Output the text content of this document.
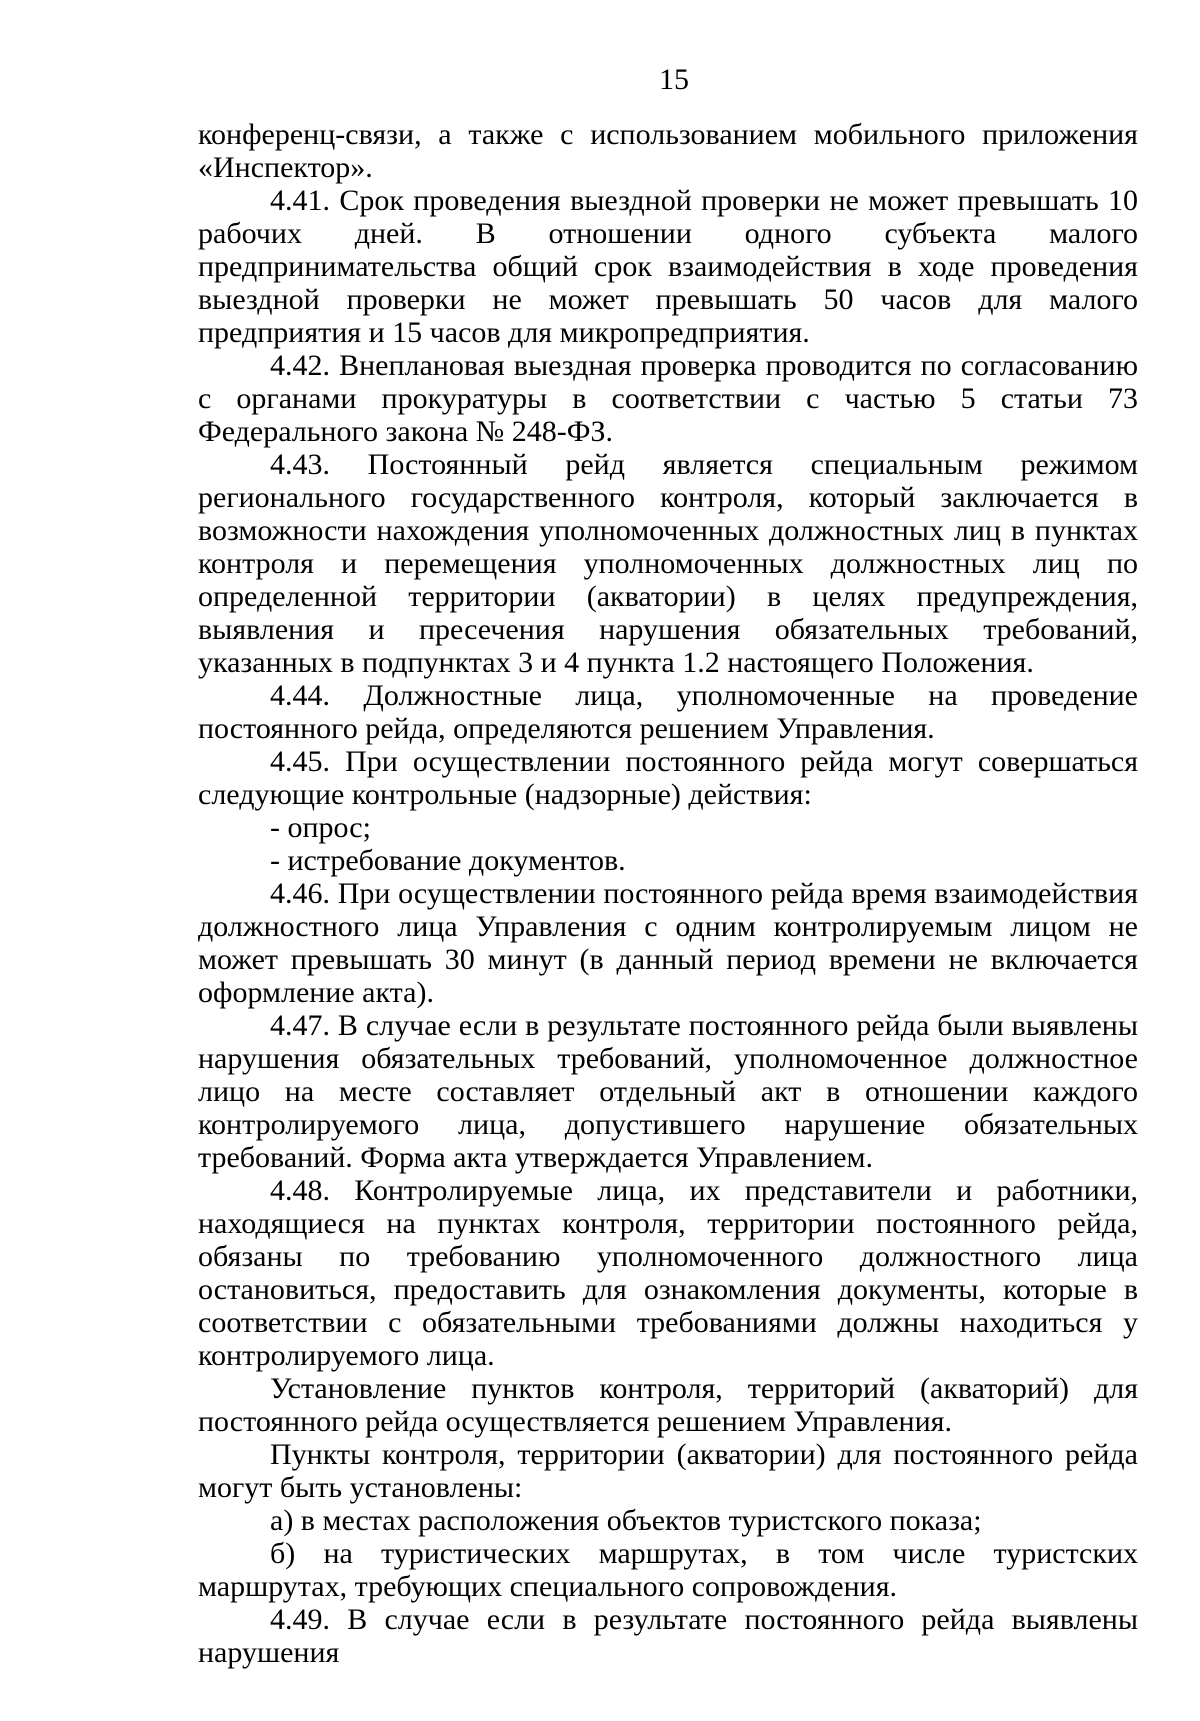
15

конференц-связи, а также с использованием мобильного приложения «Инспектор».

4.41. Срок проведения выездной проверки не может превышать 10 рабочих дней. В отношении одного субъекта малого предпринимательства общий срок взаимодействия в ходе проведения выездной проверки не может превышать 50 часов для малого предприятия и 15 часов для микропредприятия.

4.42. Внеплановая выездная проверка проводится по согласованию с органами прокуратуры в соответствии с частью 5 статьи 73 Федерального закона № 248-ФЗ.

4.43. Постоянный рейд является специальным режимом регионального государственного контроля, который заключается в возможности нахождения уполномоченных должностных лиц в пунктах контроля и перемещения уполномоченных должностных лиц по определенной территории (акватории) в целях предупреждения, выявления и пресечения нарушения обязательных требований, указанных в подпунктах 3 и 4 пункта 1.2 настоящего Положения.

4.44. Должностные лица, уполномоченные на проведение постоянного рейда, определяются решением Управления.

4.45. При осуществлении постоянного рейда могут совершаться следующие контрольные (надзорные) действия:

- опрос;

- истребование документов.

4.46. При осуществлении постоянного рейда время взаимодействия должностного лица Управления с одним контролируемым лицом не может превышать 30 минут (в данный период времени не включается оформление акта).

4.47. В случае если в результате постоянного рейда были выявлены нарушения обязательных требований, уполномоченное должностное лицо на месте составляет отдельный акт в отношении каждого контролируемого лица, допустившего нарушение обязательных требований. Форма акта утверждается Управлением.

4.48. Контролируемые лица, их представители и работники, находящиеся на пунктах контроля, территории постоянного рейда, обязаны по требованию уполномоченного должностного лица остановиться, предоставить для ознакомления документы, которые в соответствии с обязательными требованиями должны находиться у контролируемого лица.

Установление пунктов контроля, территорий (акваторий) для постоянного рейда осуществляется решением Управления.

Пункты контроля, территории (акватории) для постоянного рейда могут быть установлены:

а) в местах расположения объектов туристского показа;

б) на туристических маршрутах, в том числе туристских маршрутах, требующих специального сопровождения.

4.49. В случае если в результате постоянного рейда выявлены нарушения
